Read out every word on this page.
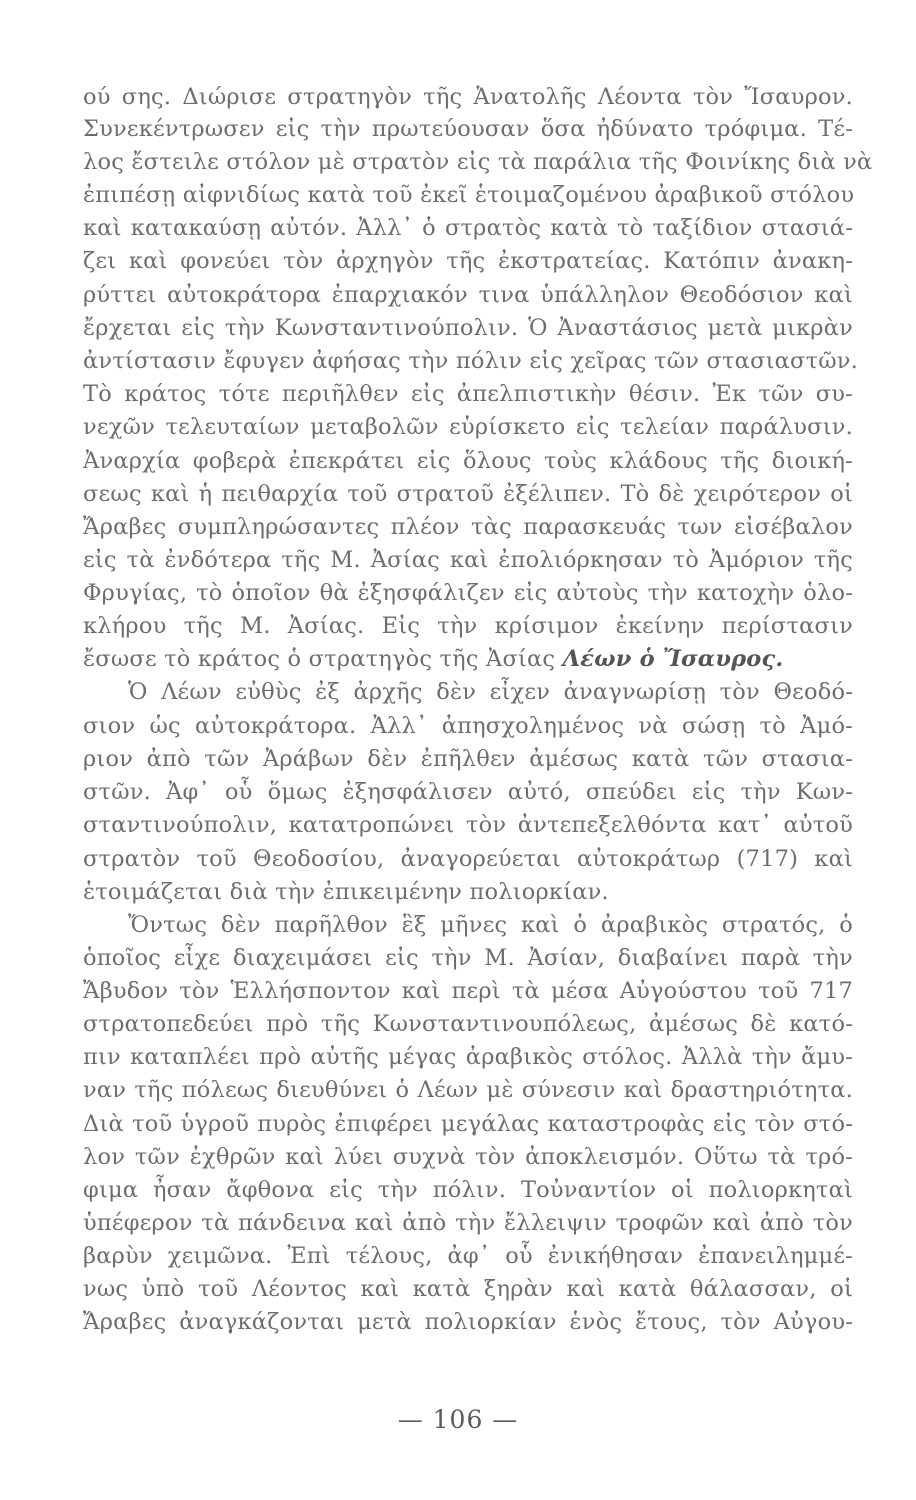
ού σης. Διώρισε στρατηγὸν τῆς Ἀνατολῆς Λέοντα τὸν Ἴσαυρον.
Συνεκέντρωσεν εἰς τὴν πρωτεύουσαν ὅσα ἠδύνατο τρόφιμα. Τέ-
λος ἔστειλε στόλον μὲ στρατὸν εἰς τὰ παράλια τῆς Φοινίκης διὰ νὰ
ἐπιπέσῃ αἰφνιδίως κατὰ τοῦ ἐκεῖ ἑτοιμαζομένου ἀραβικοῦ στόλου
καὶ κατακαύσῃ αὐτόν. Ἀλλ᾽ ὁ στρατὸς κατὰ τὸ ταξίδιον στασιά-
ζει καὶ φονεύει τὸν ἀρχηγὸν τῆς ἐκστρατείας. Κατόπιν ἀνακη-
ρύττει αὐτοκράτορα ἐπαρχιακόν τινα ὑπάλληλον Θεοδόσιον καὶ
ἔρχεται εἰς τὴν Κωνσταντινούπολιν. Ὁ Ἀναστάσιος μετὰ μικρὰν
ἀντίστασιν ἔφυγεν ἀφήσας τὴν πόλιν εἰς χεῖρας τῶν στασιαστῶν.
Τὸ κράτος τότε περιῆλθεν εἰς ἀπελπιστικὴν θέσιν. Ἐκ τῶν συ-
νεχῶν τελευταίων μεταβολῶν εὑρίσκετο εἰς τελείαν παράλυσιν.
Ἀναρχία φοβερὰ ἐπεκράτει εἰς ὅλους τοὺς κλάδους τῆς διοική-
σεως καὶ ἡ πειθαρχία τοῦ στρατοῦ ἐξέλιπεν. Τὸ δὲ χειρότερον οἱ
Ἄραβες συμπληρώσαντες πλέον τὰς παρασκευάς των εἰσέβαλον
εἰς τὰ ἐνδότερα τῆς Μ. Ἀσίας καὶ ἐπολιόρκησαν τὸ Ἀμόριον τῆς
Φρυγίας, τὸ ὁποῖον θὰ ἐξησφάλιζεν εἰς αὐτοὺς τὴν κατοχὴν ὁλο-
κλήρου τῆς Μ. Ἀσίας. Εἰς τὴν κρίσιμον ἐκείνην περίστασιν
ἔσωσε τὸ κράτος ὁ στρατηγὸς τῆς Ἀσίας Λέων ὁ Ἴσαυρος.
Ὁ Λέων εὐθὺς ἐξ ἀρχῆς δὲν εἶχεν ἀναγνωρίσῃ τὸν Θεοδό-
σιον ὡς αὐτοκράτορα. Ἀλλ᾽ ἀπησχολημένος νὰ σώσῃ τὸ Ἀμό-
ριον ἀπὸ τῶν Ἀράβων δὲν ἐπῆλθεν ἀμέσως κατὰ τῶν στασια-
στῶν. Ἀφ᾽ οὗ ὅμως ἐξησφάλισεν αὐτό, σπεύδει εἰς τὴν Κων-
σταντινούπολιν, κατατροπώνει τὸν ἀντεπεξελθόντα κατ᾽ αὐτοῦ
στρατὸν τοῦ Θεοδοσίου, ἀναγορεύεται αὐτοκράτωρ (717) καὶ
ἑτοιμάζεται διὰ τὴν ἐπικειμένην πολιορκίαν.
Ὄντως δὲν παρῆλθον ἓξ μῆνες καὶ ὁ ἀραβικὸς στρατός, ὁ
ὁποῖος εἶχε διαχειμάσει εἰς τὴν Μ. Ἀσίαν, διαβαίνει παρὰ τὴν
Ἄβυδον τὸν Ἑλλήσποντον καὶ περὶ τὰ μέσα Αὐγούστου τοῦ 717
στρατοπεδεύει πρὸ τῆς Κωνσταντινουπόλεως, ἀμέσως δὲ κατό-
πιν καταπλέει πρὸ αὐτῆς μέγας ἀραβικὸς στόλος. Ἀλλὰ τὴν ἄμυ-
ναν τῆς πόλεως διευθύνει ὁ Λέων μὲ σύνεσιν καὶ δραστηριότητα.
Διὰ τοῦ ὑγροῦ πυρὸς ἐπιφέρει μεγάλας καταστροφὰς εἰς τὸν στό-
λον τῶν ἐχθρῶν καὶ λύει συχνὰ τὸν ἀποκλεισμόν. Οὕτω τὰ τρό-
φιμα ἦσαν ἄφθονα εἰς τὴν πόλιν. Τοὐναντίον οἱ πολιορκηταὶ
ὑπέφερον τὰ πάνδεινα καὶ ἀπὸ τὴν ἔλλειψιν τροφῶν καὶ ἀπὸ τὸν
βαρὺν χειμῶνα. Ἐπὶ τέλους, ἀφ᾽ οὗ ἐνικήθησαν ἐπανειλημμέ-
νως ὑπὸ τοῦ Λέοντος καὶ κατὰ ξηρὰν καὶ κατὰ θάλασσαν, οἱ
Ἄραβες ἀναγκάζονται μετὰ πολιορκίαν ἑνὸς ἔτους, τὸν Αὐγου-
— 106 —
